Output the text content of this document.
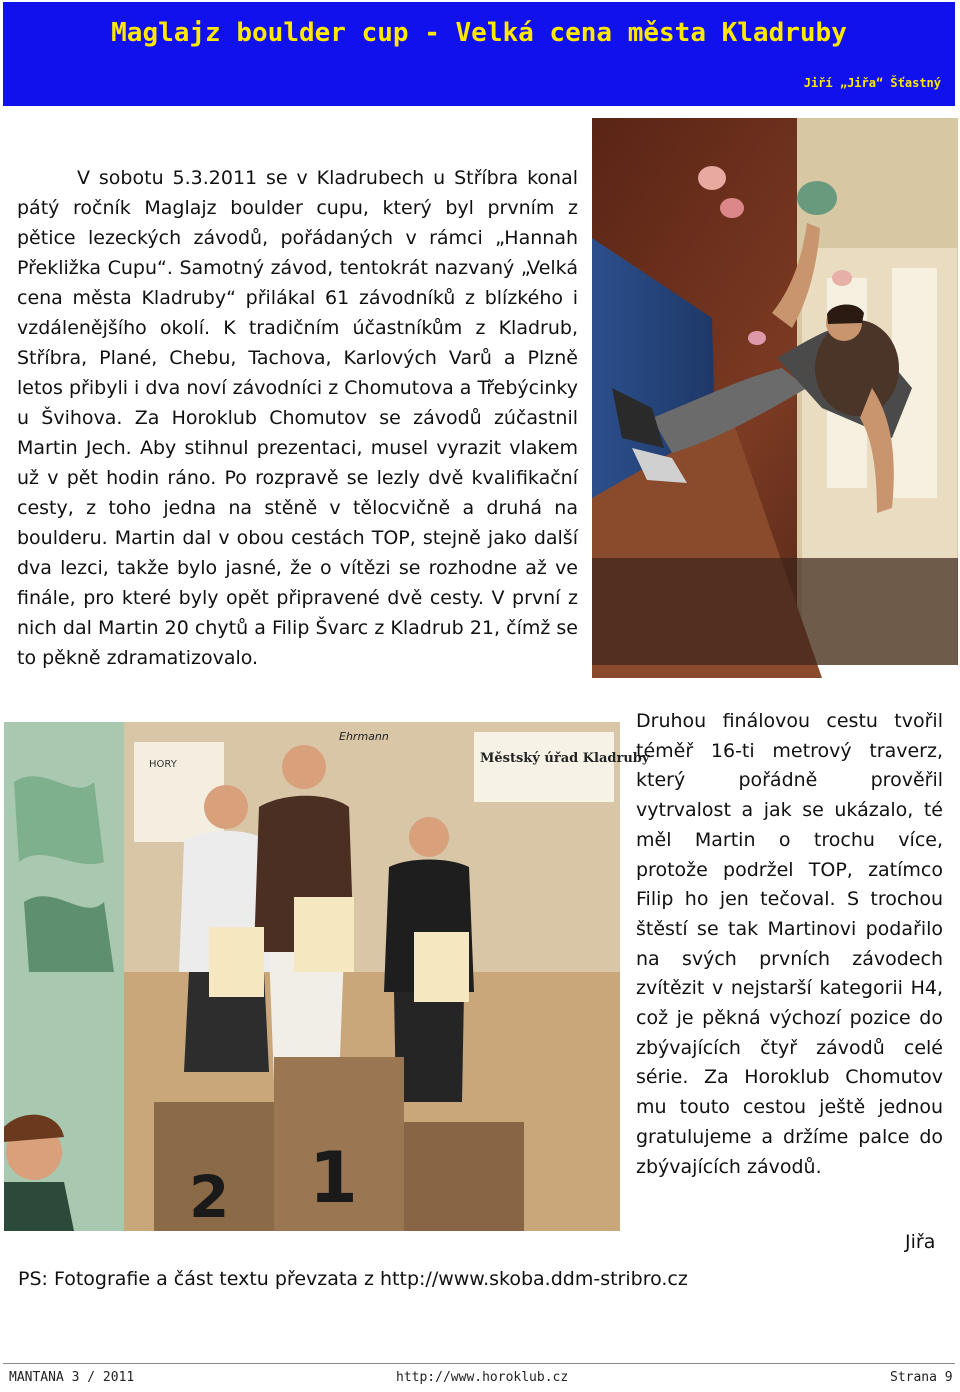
Maglajz boulder cup - Velká cena města Kladruby
Jiří „Jiřa“ Šťastný

V sobotu 5.3.2011 se v Kladrubech u Stříbra konal pátý ročník Maglajz boulder cupu, který byl prvním z pětice lezeckých závodů, pořádaných v rámci „Hannah Překližka Cupu“. Samotný závod, tentokrát nazvaný „Velká cena města Kladruby“ přilákal 61 závodníků z blízkého i vzdálenějšího okolí. K tradičním účastníkům z Kladrub, Stříbra, Plané, Chebu, Tachova, Karlových Varů a Plzně letos přibyli i dva noví závodníci z Chomutova a Třebýcinky u Švihova. Za Horoklub Chomutov se závodů zúčastnil Martin Jech. Aby stihnul prezentaci, musel vyrazit vlakem už v pět hodin ráno. Po rozpravě se lezly dvě kvalifikační cesty, z toho jedna na stěně v tělocvičně a druhá na boulderu. Martin dal v obou cestách TOP, stejně jako další dva lezci, takže bylo jasné, že o vítězi se rozhodne až ve finále, pro které byly opět připravené dvě cesty. V první z nich dal Martin 20 chytů a Filip Švarc z Kladrub 21, čímž se to pěkně zdramatizovalo.

HORY	Městský úřad Kladruby
Ehrmann
2 1

Druhou finálovou cestu tvořil téměř 16-ti metrový traverz, který pořádně prověřil vytrvalost a jak se ukázalo, té měl Martin o trochu více, protože podržel TOP, zatímco Filip ho jen tečoval. S trochou štěstí se tak Martinovi podařilo na svých prvních závodech zvítězit v nejstarší kategorii H4, což je pěkná výchozí pozice do zbývajících čtyř závodů celé série. Za Horoklub Chomutov mu touto cestou ještě jednou gratulujeme a držíme palce do zbývajících závodů.

Jiřa
PS: Fotografie a část textu převzata z http://www.skoba.ddm-stribro.cz
MANTANA 3 / 2011	http://www.horoklub.cz	Strana 9
